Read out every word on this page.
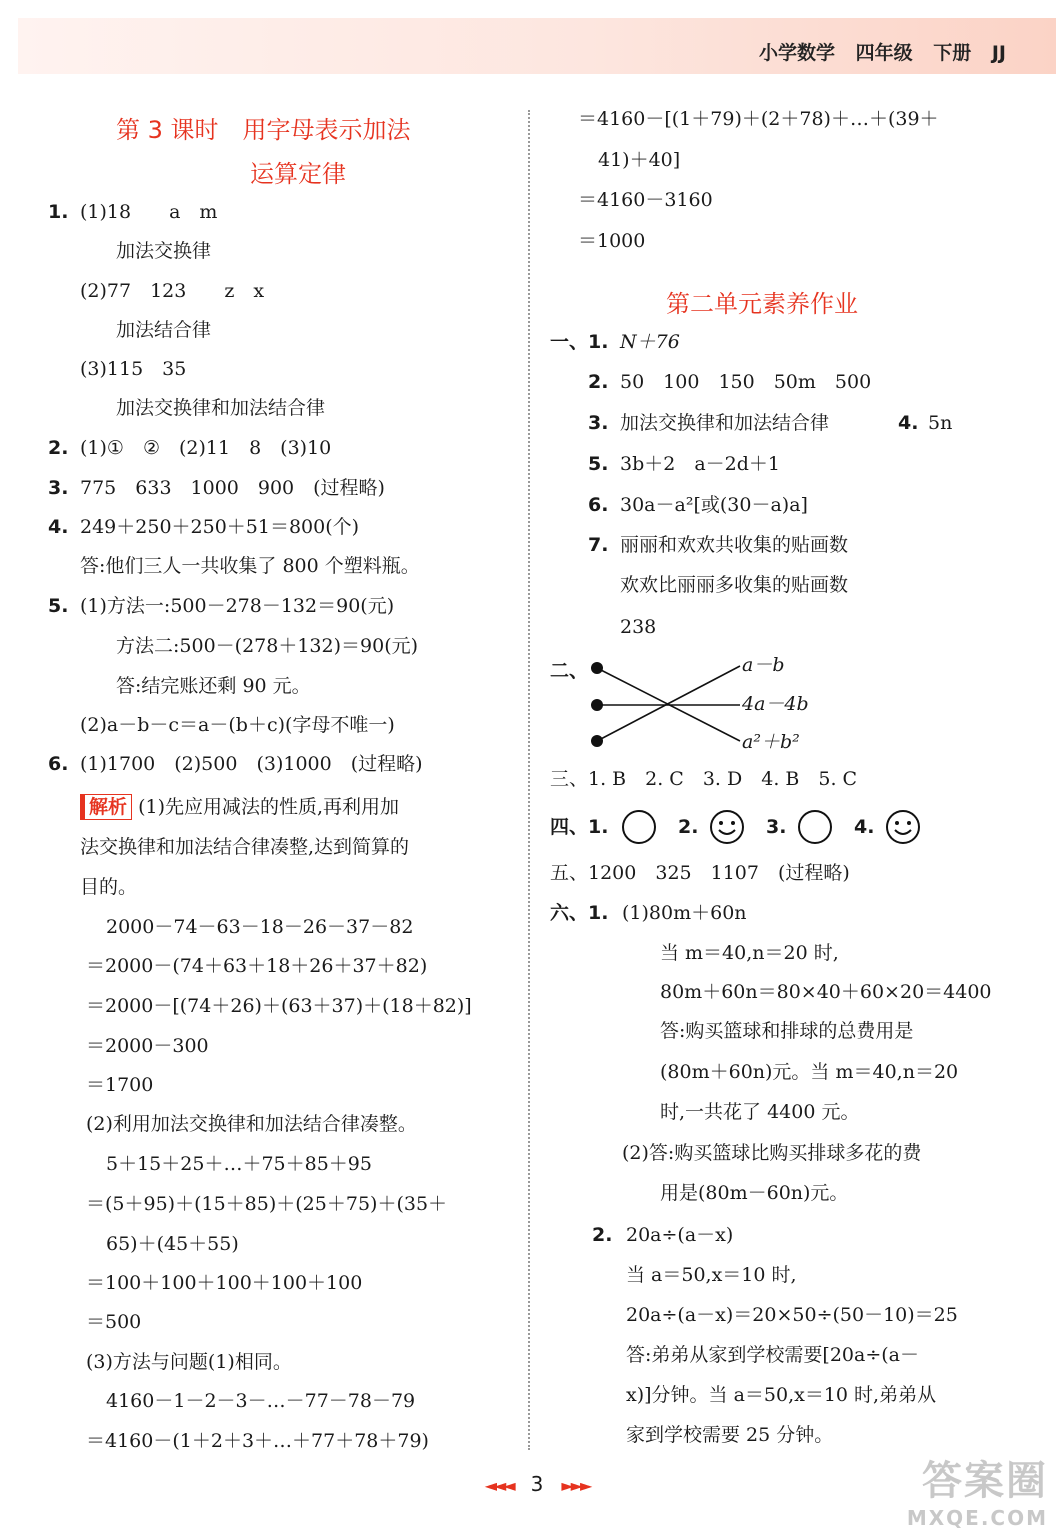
小学数学 四年级 下册 JJ
第 3 课时　用字母表示加法
运算定律
1. (1)18　　a　m
加法交换律
(2)77　123　　z　x
加法结合律
(3)115　35
加法交换律和加法结合律
2. (1)①　②　(2)11　8　(3)10
3. 775　633　1000　900　(过程略)
4. 249＋250＋250＋51＝800(个)
答:他们三人一共收集了 800 个塑料瓶。
5. (1)方法一:500－278－132＝90(元)
方法二:500－(278＋132)＝90(元)
答:结完账还剩 90 元。
(2)a－b－c＝a－(b＋c)(字母不唯一)
6. (1)1700　(2)500　(3)1000　(过程略)
解析 (1)先应用减法的性质,再利用加
法交换律和加法结合律凑整,达到简算的
目的。
2000－74－63－18－26－37－82
＝2000－(74＋63＋18＋26＋37＋82)
＝2000－[(74＋26)＋(63＋37)＋(18＋82)]
＝2000－300
＝1700
(2)利用加法交换律和加法结合律凑整。
5＋15＋25＋…＋75＋85＋95
＝(5＋95)＋(15＋85)＋(25＋75)＋(35＋
65)＋(45＋55)
＝100＋100＋100＋100＋100
＝500
(3)方法与问题(1)相同。
4160－1－2－3－…－77－78－79
＝4160－(1＋2＋3＋…＋77＋78＋79)
＝4160－[(1＋79)＋(2＋78)＋…＋(39＋
41)＋40]
＝4160－3160
＝1000
第二单元素养作业
一、1. N＋76
2. 50　100　150　50m　500
3. 加法交换律和加法结合律	4. 5n
5. 3b＋2　a－2d＋1
6. 30a－a²[或(30－a)a]
7. 丽丽和欢欢共收集的贴画数
欢欢比丽丽多收集的贴画数
238
二、	a－b
4a－4b
a²＋b²
三、1. B　2. C　3. D　4. B　5. C
四、1.	2.	3.	4.
五、1200　325　1107　(过程略)
六、1. (1)80m＋60n
当 m＝40,n＝20 时,
80m＋60n＝80×40＋60×20＝4400
答:购买篮球和排球的总费用是
(80m＋60n)元。当 m＝40,n＝20
时,一共花了 4400 元。
(2)答:购买篮球比购买排球多花的费
用是(80m－60n)元。
2. 20a÷(a－x)
当 a＝50,x＝10 时,
20a÷(a－x)＝20×50÷(50－10)＝25
答:弟弟从家到学校需要[20a÷(a－
x)]分钟。当 a＝50,x＝10 时,弟弟从
家到学校需要 25 分钟。
◄◄◄ 3 ►►►	答案圈
MXQE.COM
